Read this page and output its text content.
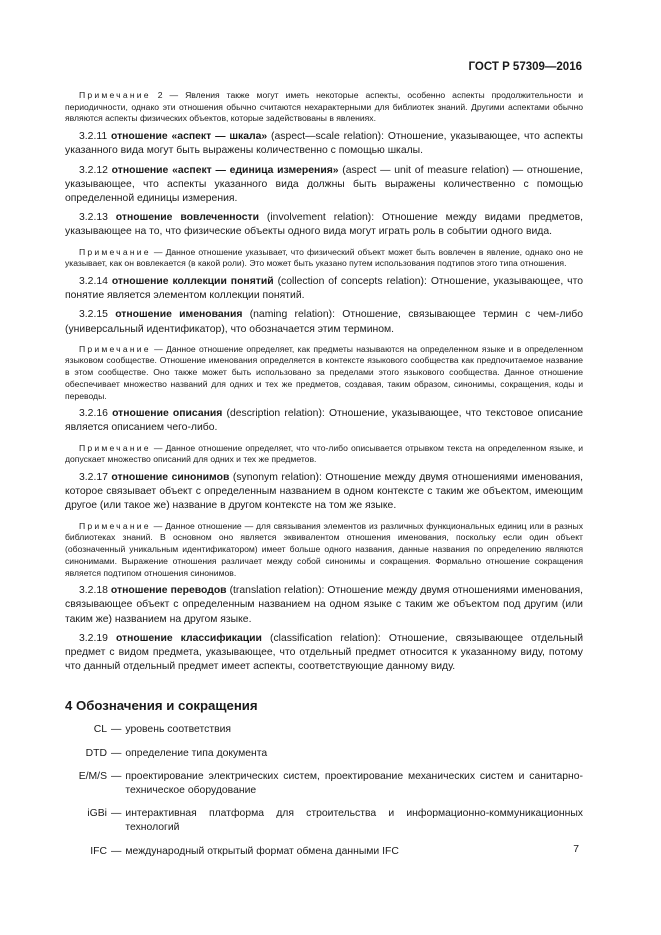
ГОСТ Р 57309—2016
Примечание 2 — Явления также могут иметь некоторые аспекты, особенно аспекты продолжительности и периодичности, однако эти отношения обычно считаются нехарактерными для библиотек знаний. Другими аспектами обычно являются аспекты физических объектов, которые задействованы в явлениях.
3.2.11 отношение «аспект — шкала» (aspect—scale relation): Отношение, указывающее, что аспекты указанного вида могут быть выражены количественно с помощью шкалы.
3.2.12 отношение «аспект — единица измерения» (aspect — unit of measure relation) — отношение, указывающее, что аспекты указанного вида должны быть выражены количественно с помощью определенной единицы измерения.
3.2.13 отношение вовлеченности (involvement relation): Отношение между видами предметов, указывающее на то, что физические объекты одного вида могут играть роль в событии одного вида.
Примечание — Данное отношение указывает, что физический объект может быть вовлечен в явление, однако оно не указывает, как он вовлекается (в какой роли). Это может быть указано путем использования подтипов этого типа отношения.
3.2.14 отношение коллекции понятий (collection of concepts relation): Отношение, указывающее, что понятие является элементом коллекции понятий.
3.2.15 отношение именования (naming relation): Отношение, связывающее термин с чем-либо (универсальный идентификатор), что обозначается этим термином.
Примечание — Данное отношение определяет, как предметы называются на определенном языке и в определенном языковом сообществе. Отношение именования определяется в контексте языкового сообщества как предпочитаемое название в этом сообществе. Оно также может быть использовано за пределами этого языкового сообщества. Данное отношение обеспечивает множество названий для одних и тех же предметов, создавая, таким образом, синонимы, сокращения, коды и переводы.
3.2.16 отношение описания (description relation): Отношение, указывающее, что текстовое описание является описанием чего-либо.
Примечание — Данное отношение определяет, что что-либо описывается отрывком текста на определенном языке, и допускает множество описаний для одних и тех же предметов.
3.2.17 отношение синонимов (synonym relation): Отношение между двумя отношениями именования, которое связывает объект с определенным названием в одном контексте с таким же объектом, имеющим другое (или такое же) название в другом контексте на том же языке.
Примечание — Данное отношение — для связывания элементов из различных функциональных единиц или в разных библиотеках знаний. В основном оно является эквивалентом отношения именования, поскольку если один объект (обозначенный уникальным идентификатором) имеет больше одного названия, данные названия по определению являются синонимами. Выражение отношения различает между собой синонимы и сокращения. Формально отношение сокращения является подтипом отношения синонимов.
3.2.18 отношение переводов (translation relation): Отношение между двумя отношениями именования, связывающее объект с определенным названием на одном языке с таким же объектом под другим (или таким же) названием на другом языке.
3.2.19 отношение классификации (classification relation): Отношение, связывающее отдельный предмет с видом предмета, указывающее, что отдельный предмет относится к указанному виду, потому что данный отдельный предмет имеет аспекты, соответствующие данному виду.
4 Обозначения и сокращения
CL — уровень соответствия
DTD — определение типа документа
E/M/S — проектирование электрических систем, проектирование механических систем и санитарно-техническое оборудование
iGBi — интерактивная платформа для строительства и информационно-коммуникационных технологий
IFC — международный открытый формат обмена данными IFC	7
